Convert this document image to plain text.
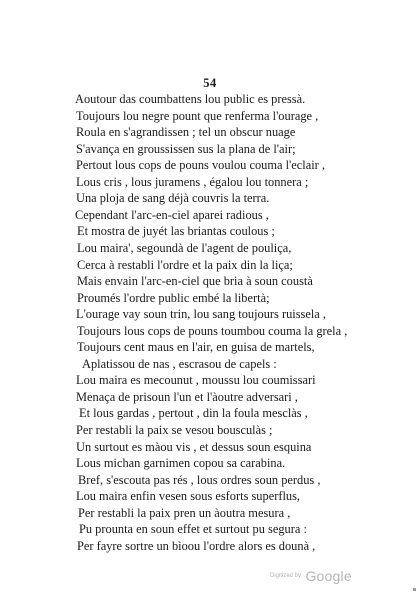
54
Aoutour das coumbattens lou public es pressà.
Toujours lou negre pount que renferma l'ourage ,
Roula en s'agrandissen ; tel un obscur nuage
S'avança en groussissen sus la plana de l'air;
Pertout lous cops de pouns voulou couma l'eclair ,
Lous cris , lous juramens , égalou lou tonnera ;
Una ploja de sang déjà couvris la terra.
Cependant l'arc-en-ciel aparei radious ,
Et mostra de juyét las briantas coulous ;
Lou maira', segoundà de l'agent de pouliça,
Cerca à restabli l'ordre et la paix din la liça;
Mais envain l'arc-en-ciel que bria à soun coustà
Proumés l'ordre public embé la libertà;
L'ourage vay soun trin, lou sang toujours ruissela ,
Toujours lous cops de pouns toumbou couma la grela ,
Toujours cent maus en l'air, en guisa de martels,
Aplatissou de nas , escrasou de capels :
Lou maira es mecounut , moussu lou coumissari
Menaça de prisoun l'un et l'àoutre adversari ,
Et lous gardas , pertout , din la foula mesclàs ,
Per restabli la paix se vesou bousculàs ;
Un surtout es màou vis , et dessus soun esquina
Lous michan garnimen copou sa carabina.
Bref, s'escouta pas rés , lous ordres soun perdus ,
Lou maira enfin vesen sous esforts superflus,
Per restabli la paix pren un àoutra mesura ,
Pu prounta en soun effet et surtout pu segura :
Per fayre sortre un bìoou l'ordre alors es dounà ,
Digitized by Google
